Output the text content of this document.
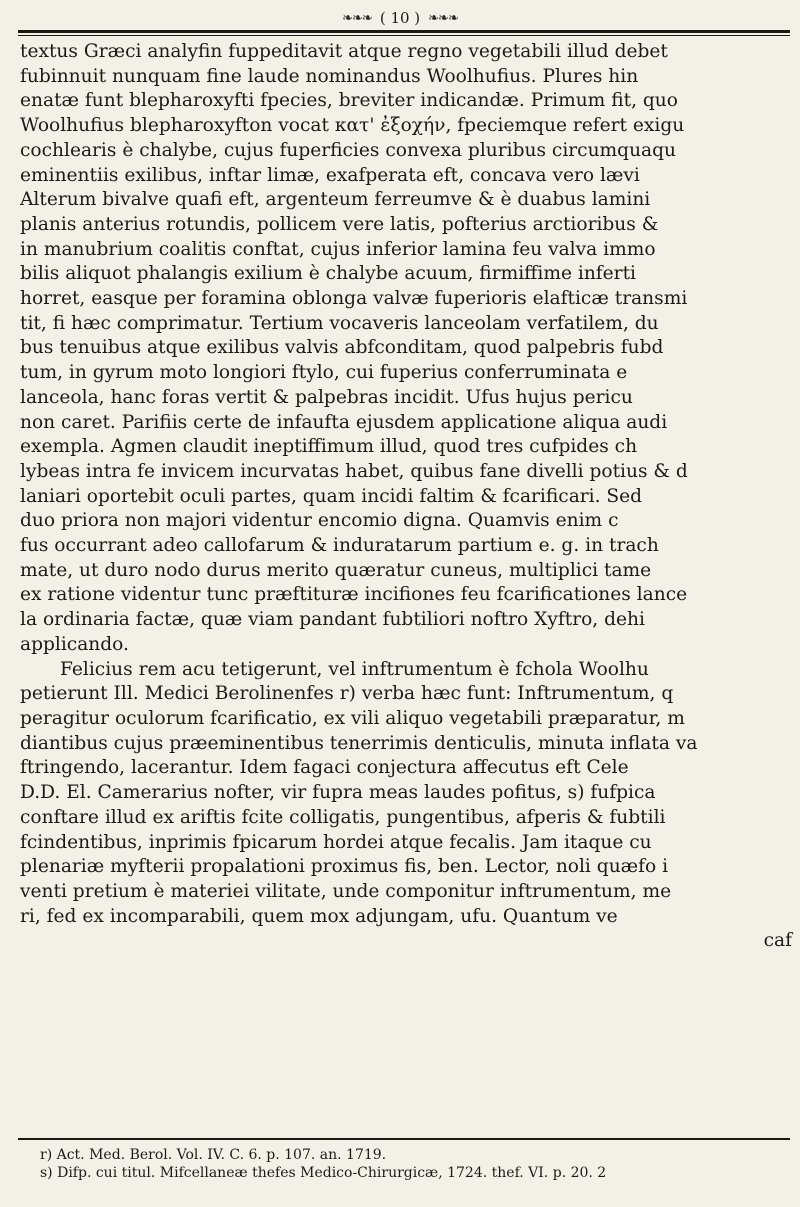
❧❧❧ ( 10 ) ❧❧❧
textus Græci analyfin fuppeditavit atque regno vegetabili illud debet
fubinnuit nunquam fine laude nominandus Woolhufius. Plures hin
enatæ funt blepharoxyfti fpecies, breviter indicandæ. Primum fit, quo
Woolhufius blepharoxyfton vocat κατ' ἐξοχήν, fpeciemque refert exigu
cochlearis è chalybe, cujus fuperficies convexa pluribus circumquaqu
eminentiis exilibus, inftar limæ, exafperata eft, concava vero lævi
Alterum bivalve quafi eft, argenteum ferreumve & è duabus lamini
planis anterius rotundis, pollicem vere latis, pofterius arctioribus &
in manubrium coalitis conftat, cujus inferior lamina feu valva immo
bilis aliquot phalangis exilium è chalybe acuum, firmiffime inferti
horret, easque per foramina oblonga valvæ fuperioris elafticæ transmi
tit, fi hæc comprimatur. Tertium vocaveris lanceolam verfatilem, du
bus tenuibus atque exilibus valvis abfconditam, quod palpebris fubd
tum, in gyrum moto longiori ftylo, cui fuperius conferruminata e
lanceola, hanc foras vertit & palpebras incidit. Ufus hujus pericu
non caret. Parifiis certe de infaufta ejusdem applicatione aliqua audi
exempla. Agmen claudit ineptiffimum illud, quod tres cufpides ch
lybeas intra fe invicem incurvatas habet, quibus fane divelli potius & d
laniari oportebit oculi partes, quam incidi faltim & fcarificari. Sed
duo priora non majori videntur encomio digna. Quamvis enim c
fus occurrant adeo callofarum & induratarum partium e. g. in trach
mate, ut duro nodo durus merito quæratur cuneus, multiplici tame
ex ratione videntur tunc præftituræ incifiones feu fcarificationes lance
la ordinaria factæ, quæ viam pandant fubtiliori noftro Xyftro, dehi
applicando.
Felicius rem acu tetigerunt, vel inftrumentum è fchola Woolhu
petierunt Ill. Medici Berolinenfes r) verba hæc funt: Inftrumentum, q
peragitur oculorum fcarificatio, ex vili aliquo vegetabili præparatur, m
diantibus cujus præeminentibus tenerrimis denticulis, minuta inflata va
ftringendo, lacerantur. Idem fagaci conjectura affecutus eft Cele
D.D. El. Camerarius nofter, vir fupra meas laudes pofitus, s) fufpica
conftare illud ex ariftis fcite colligatis, pungentibus, afperis & fubtili
fcindentibus, inprimis fpicarum hordei atque fecalis. Jam itaque cu
plenariæ myfterii propalationi proximus fis, ben. Lector, noli quæfo i
venti pretium è materiei vilitate, unde componitur inftrumentum, me
ri, fed ex incomparabili, quem mox adjungam, ufu. Quantum ve
caf
r) Act. Med. Berol. Vol. IV. C. 6. p. 107. an. 1719.
s) Difp. cui titul. Mifcellaneæ thefes Medico-Chirurgicæ, 1724. thef. VI. p. 20. 2
